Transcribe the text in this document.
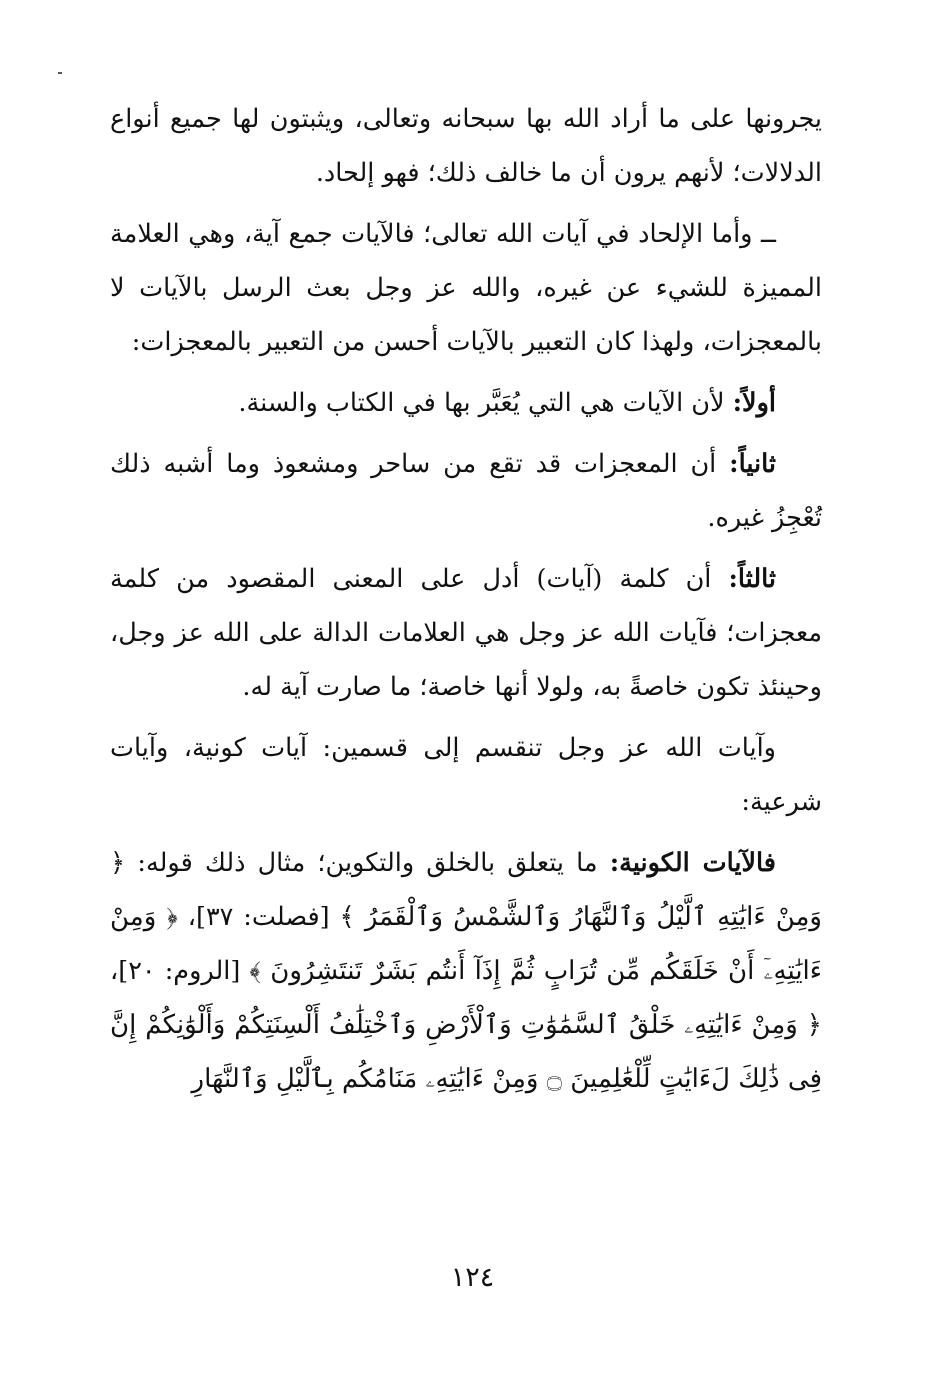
يجرونها على ما أراد الله بها سبحانه وتعالى، ويثبتون لها جميع أنواع الدلالات؛ لأنهم يرون أن ما خالف ذلك؛ فهو إلحاد.

ــ وأما الإلحاد في آيات الله تعالى؛ فالآيات جمع آية، وهي العلامة المميزة للشيء عن غيره، والله عز وجل بعث الرسل بالآيات لا بالمعجزات، ولهذا كان التعبير بالآيات أحسن من التعبير بالمعجزات:

أولاً: لأن الآيات هي التي يُعَبَّر بها في الكتاب والسنة.

ثانياً: أن المعجزات قد تقع من ساحر ومشعوذ وما أشبه ذلك تُعْجِزُ غيره.

ثالثاً: أن كلمة (آيات) أدل على المعنى المقصود من كلمة معجزات؛ فآيات الله عز وجل هي العلامات الدالة على الله عز وجل، وحينئذ تكون خاصةً به، ولولا أنها خاصة؛ ما صارت آية له.

وآيات الله عز وجل تنقسم إلى قسمين: آيات كونية، وآيات شرعية:

فالآيات الكونية: ما يتعلق بالخلق والتكوين؛ مثال ذلك قوله: ﴿ وَمِنْ ءَايَٰتِهِ ٱلَّيْلُ وَٱلنَّهَارُ وَٱلشَّمْسُ وَٱلْقَمَرُ ﴾ [فصلت: ٣٧]، ﴿ وَمِنْ ءَايَٰتِهِۦٓ أَنْ خَلَقَكُم مِّن تُرَابٍ ثُمَّ إِذَآ أَنتُم بَشَرٌ تَنتَشِرُونَ ﴾ [الروم: ٢٠]، ﴿ وَمِنْ ءَايَٰتِهِۦ خَلْقُ ٱلسَّمَٰوَٰتِ وَٱلْأَرْضِ وَٱخْتِلَٰفُ أَلْسِنَتِكُمْ وَأَلْوَٰنِكُمْ إِنَّ فِى ذَٰلِكَ لَءَايَٰتٍ لِّلْعَٰلِمِينَ ۝ وَمِنْ ءَايَٰتِهِۦ مَنَامُكُم بِٱلَّيْلِ وَٱلنَّهَارِ

١٢٤
